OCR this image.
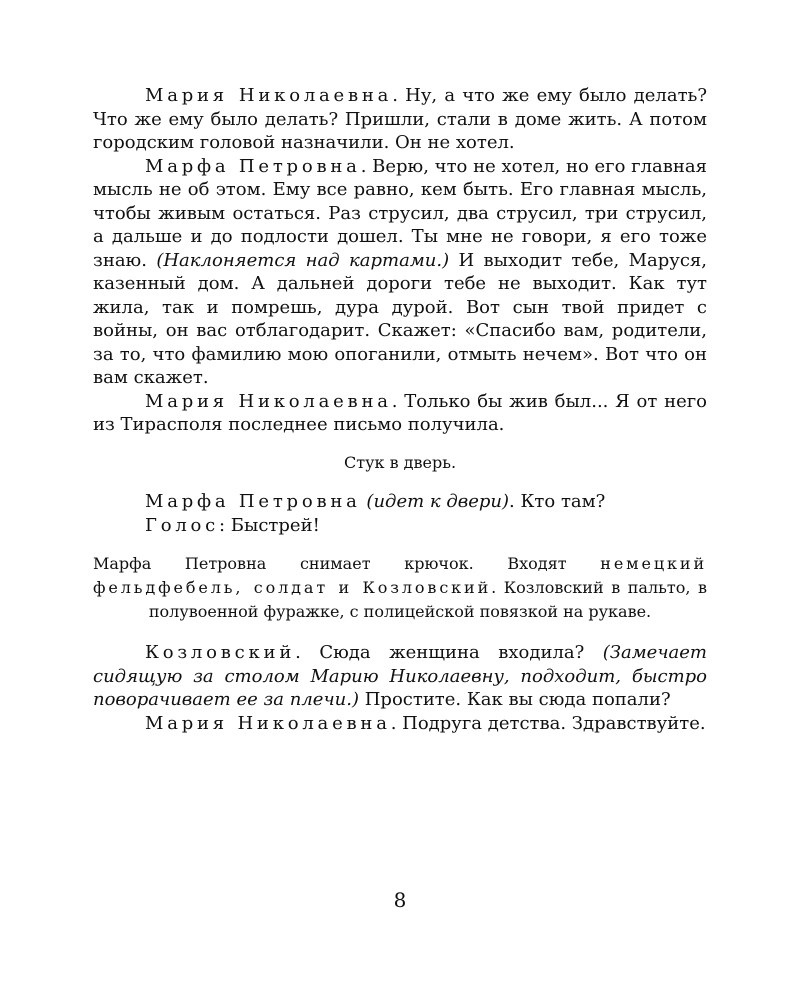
Мария Николаевна. Ну, а что же ему было делать? Что же ему было делать? Пришли, стали в доме жить. А потом городским головой назначили. Он не хотел.

Марфа Петровна. Верю, что не хотел, но его главная мысль не об этом. Ему все равно, кем быть. Его главная мысль, чтобы живым остаться. Раз струсил, два струсил, три струсил, а дальше и до подлости дошел. Ты мне не говори, я его тоже знаю. (Наклоняется над картами.) И выходит тебе, Маруся, казенный дом. А дальней дороги тебе не выходит. Как тут жила, так и помрешь, дура дурой. Вот сын твой придет с войны, он вас отблагодарит. Скажет: «Спасибо вам, родители, за то, что фамилию мою опоганили, отмыть нечем». Вот что он вам скажет.

Мария Николаевна. Только бы жив был... Я от него из Тирасполя последнее письмо получила.

Стук в дверь.

Марфа Петровна (идет к двери). Кто там?

Голос: Быстрей!

Марфа Петровна снимает крючок. Входят немецкий фельдфебель, солдат и Козловский. Козловский в пальто, в полувоенной фуражке, с полицейской повязкой на рукаве.

Козловский. Сюда женщина входила? (Замечает сидящую за столом Марию Николаевну, подходит, быстро поворачивает ее за плечи.) Простите. Как вы сюда попали?

Мария Николаевна. Подруга детства. Здравствуйте.

8
